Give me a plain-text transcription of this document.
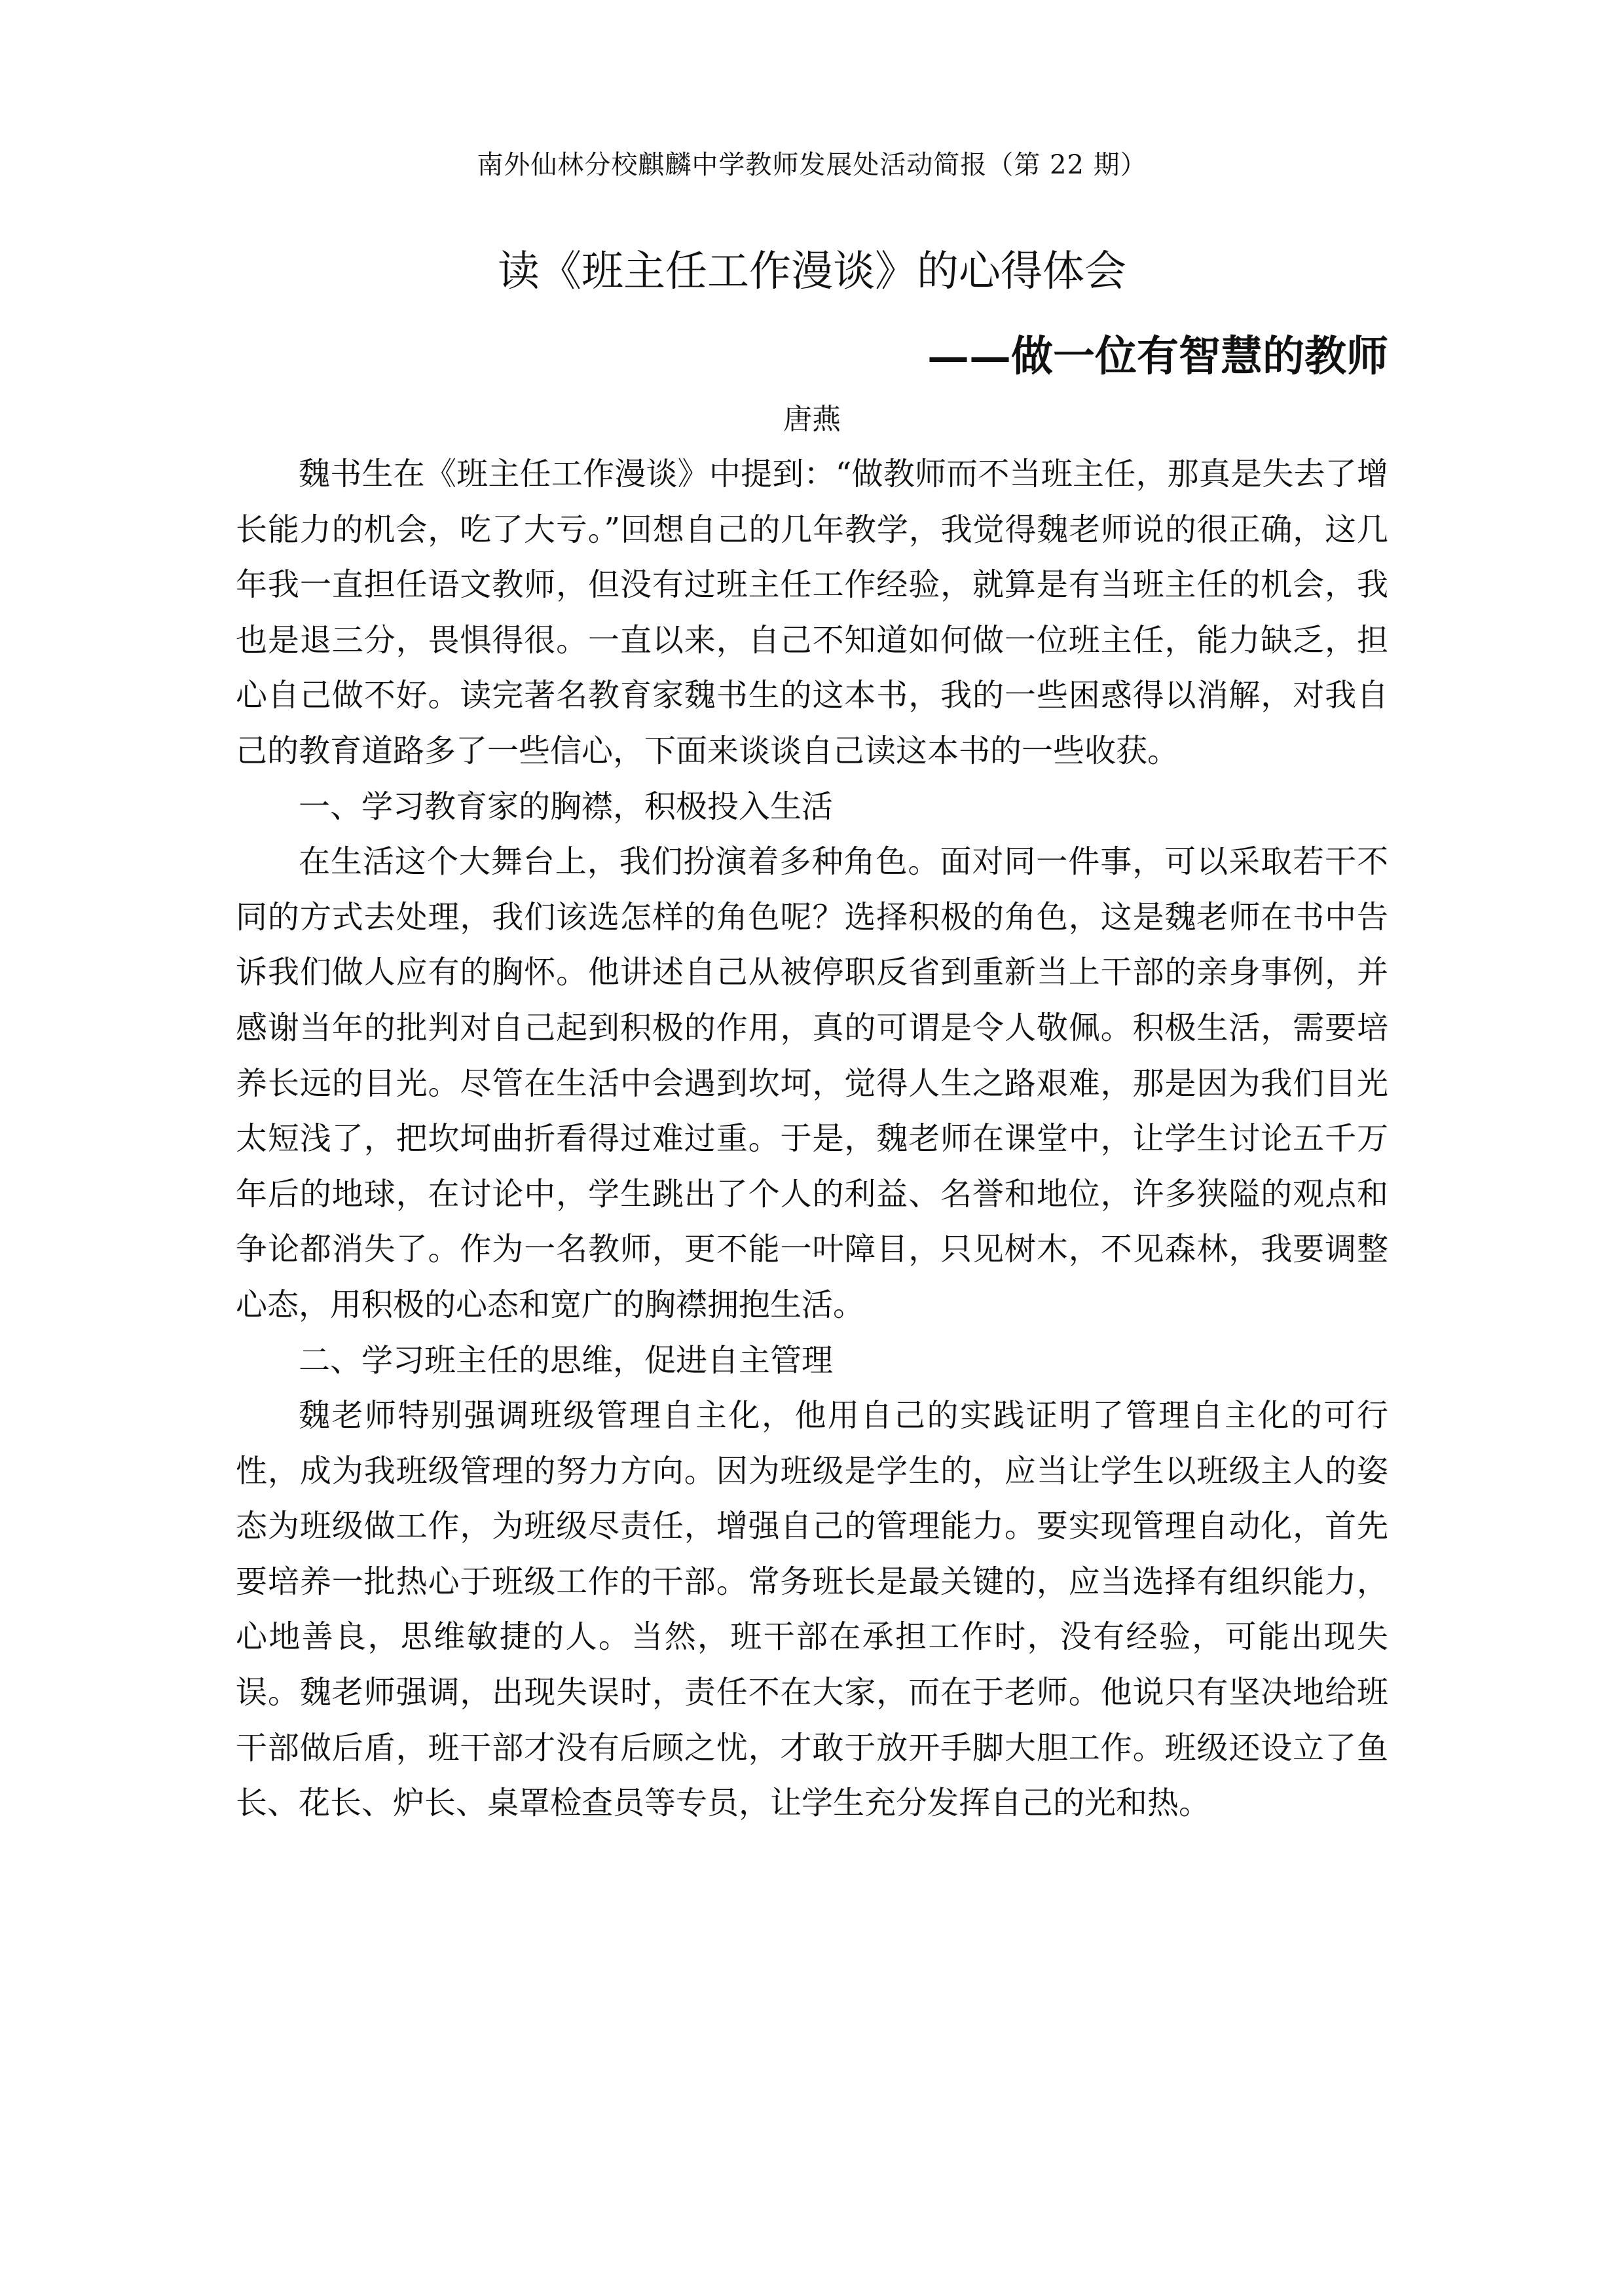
南外仙林分校麒麟中学教师发展处活动简报（第 22 期）
读《班主任工作漫谈》的心得体会
——做一位有智慧的教师
唐燕

魏书生在《班主任工作漫谈》中提到：“做教师而不当班主任，那真是失去了增长能力的机会，吃了大亏。”回想自己的几年教学，我觉得魏老师说的很正确，这几年我一直担任语文教师，但没有过班主任工作经验，就算是有当班主任的机会，我也是退三分，畏惧得很。一直以来，自己不知道如何做一位班主任，能力缺乏，担心自己做不好。读完著名教育家魏书生的这本书，我的一些困惑得以消解，对我自己的教育道路多了一些信心，下面来谈谈自己读这本书的一些收获。

一、学习教育家的胸襟，积极投入生活

在生活这个大舞台上，我们扮演着多种角色。面对同一件事，可以采取若干不同的方式去处理，我们该选怎样的角色呢？选择积极的角色，这是魏老师在书中告诉我们做人应有的胸怀。他讲述自己从被停职反省到重新当上干部的亲身事例，并感谢当年的批判对自己起到积极的作用，真的可谓是令人敬佩。积极生活，需要培养长远的目光。尽管在生活中会遇到坎坷，觉得人生之路艰难，那是因为我们目光太短浅了，把坎坷曲折看得过难过重。于是，魏老师在课堂中，让学生讨论五千万年后的地球，在讨论中，学生跳出了个人的利益、名誉和地位，许多狭隘的观点和争论都消失了。作为一名教师，更不能一叶障目，只见树木，不见森林，我要调整心态，用积极的心态和宽广的胸襟拥抱生活。

二、学习班主任的思维，促进自主管理

魏老师特别强调班级管理自主化，他用自己的实践证明了管理自主化的可行性，成为我班级管理的努力方向。因为班级是学生的，应当让学生以班级主人的姿态为班级做工作，为班级尽责任，增强自己的管理能力。要实现管理自动化，首先要培养一批热心于班级工作的干部。常务班长是最关键的，应当选择有组织能力，心地善良，思维敏捷的人。当然，班干部在承担工作时，没有经验，可能出现失误。魏老师强调，出现失误时，责任不在大家，而在于老师。他说只有坚决地给班干部做后盾，班干部才没有后顾之忧，才敢于放开手脚大胆工作。班级还设立了鱼长、花长、炉长、桌罩检查员等专员，让学生充分发挥自己的光和热。
